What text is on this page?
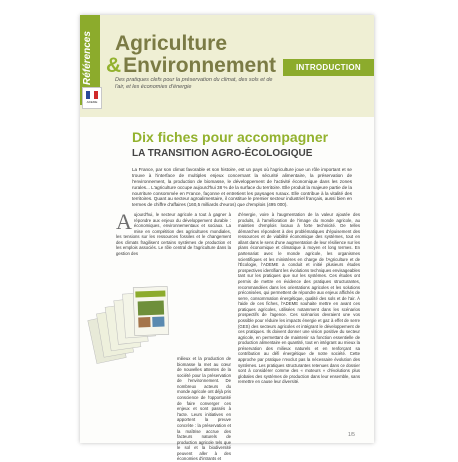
Références
ADEME
Agriculture
&Environnement	INTRODUCTION

Des pratiques clefs pour la préservation du climat, des sols et de l'air, et les économies d'énergie

Dix fiches pour accompagner
LA TRANSITION AGRO-ÉCOLOGIQUE

La France, par son climat favorable et son histoire, est un pays où l'agriculture joue un rôle important et se trouve à l'interface de multiples enjeux concernant la sécurité alimentaire, la préservation de l'environnement, la production de biomasse, le développement de l'activité économique dans les zones rurales... L'agriculture occupe aujourd'hui 38 % de la surface du territoire. Elle produit la majeure partie de la nourriture consommée en France, façonne et entretient les paysages ruraux. Elle contribue à la vitalité des territoires. Quant au secteur agroalimentaire, il constitue le premier secteur industriel français, aussi bien en termes de chiffre d'affaires (160,5 milliards d'euros) que d'emplois (495 000).

Aujourd'hui, le secteur agricole a tout à gagner à répondre aux enjeux du développement durable : économiques, environnementaux et sociaux. La mise en compétition des agricultures mondiales, les tensions sur les ressources fossiles et le changement des climats fragilisent certains systèmes de production et les emplois associés. Le rôle central de l'agriculture dans la gestion des
milieux et la production de biomasse la met au cœur de nouvelles attentes de la société pour la préservation de l'environnement. De nombreux acteurs du monde agricole ont déjà pris conscience de l'opportunité de faire converger ces enjeux et sont passés à l'acte. Leurs initiatives en apportent la preuve concrète : la préservation et la maîtrise accrue des facteurs naturels de production agricole tels que le sol et la biodiversité peuvent aller à des économies d'intrants et
d'énergie, voire à l'augmentation de la valeur ajoutée des produits, à l'amélioration de l'image du monde agricole, au maintien d'emplois locaux à forte technicité. De telles démarches répondent à des problématiques d'épuisement des ressources et de viabilité économique des systèmes, tout en allant dans le sens d'une augmentation de leur résilience sur les plans économique et climatique à moyen et long termes. En partenariat avec le monde agricole, les organismes scientifiques et les ministères en charge de l'Agriculture et de l'Écologie, l'ADEME a conduit et initié plusieurs études prospectives identifiant les évolutions techniques envisageables tant sur les pratiques que sur les systèmes. Ces études ont permis de mettre en évidence des pratiques structurantes, recommandées dans les orientations agricoles et les solutions préconisées, qui permettent de répondre aux enjeux affichés de serre, consommation énergétique, qualité des sols et de l'air. À l'aide de ces fiches, l'ADEME souhaite mettre en avant ces pratiques agricoles, utilisées notamment dans les scénarios prospectifs de l'agence. Ces scénarios devraient une vos possible pour réduire les impacts énergie et gaz à effet de serre (GES) des secteurs agricoles et intégrant le développement de ces pratiques. Ils doivent donner une vision positive du secteur agricole, en permettant de maintenir sa fonction essentielle de production alimentaire en quantité, tout en intégrant au mieux la préservation des milieux naturels et en renforçant sa contribution au défi énergétique de notre société. Cette approche par pratique n'exclut pas la nécessaire évolution des systèmes. Les pratiques structurantes retenues dans ce dossier sont à considérer comme des « moteurs » d'évolutions plus globales des systèmes de production dans leur ensemble, sans remettre en cause leur diversité.
1/5
